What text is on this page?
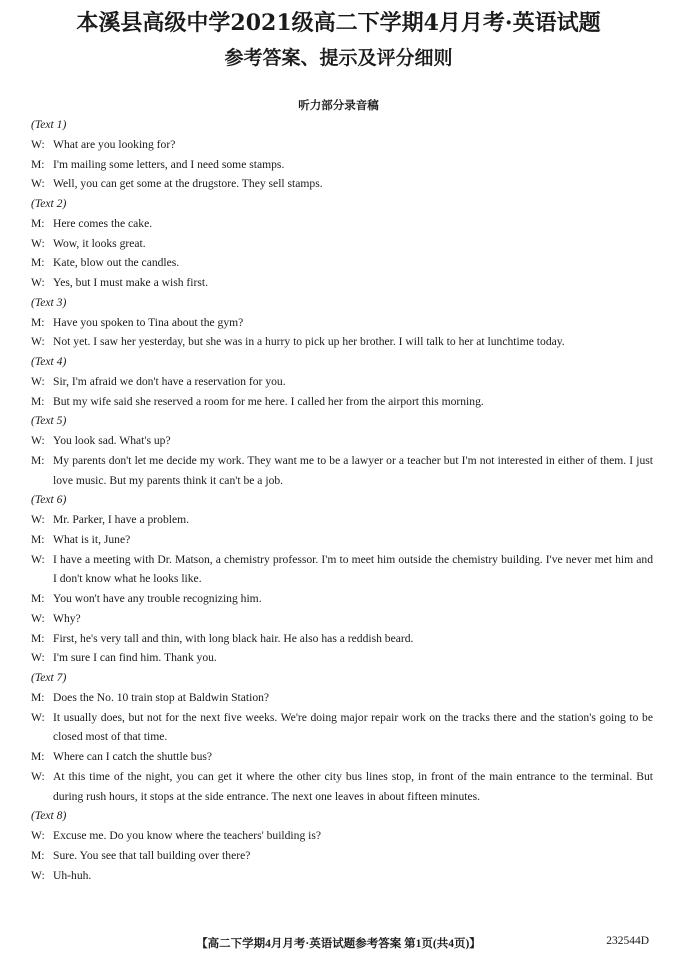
本溪县高级中学2021级高二下学期4月月考·英语试题
参考答案、提示及评分细则
听力部分录音稿
(Text 1)
W: What are you looking for?
M: I'm mailing some letters, and I need some stamps.
W: Well, you can get some at the drugstore. They sell stamps.
(Text 2)
M: Here comes the cake.
W: Wow, it looks great.
M: Kate, blow out the candles.
W: Yes, but I must make a wish first.
(Text 3)
M: Have you spoken to Tina about the gym?
W: Not yet. I saw her yesterday, but she was in a hurry to pick up her brother. I will talk to her at lunchtime today.
(Text 4)
W: Sir, I'm afraid we don't have a reservation for you.
M: But my wife said she reserved a room for me here. I called her from the airport this morning.
(Text 5)
W: You look sad. What's up?
M: My parents don't let me decide my work. They want me to be a lawyer or a teacher but I'm not interested in either of them. I just love music. But my parents think it can't be a job.
(Text 6)
W: Mr. Parker, I have a problem.
M: What is it, June?
W: I have a meeting with Dr. Matson, a chemistry professor. I'm to meet him outside the chemistry building. I've never met him and I don't know what he looks like.
M: You won't have any trouble recognizing him.
W: Why?
M: First, he's very tall and thin, with long black hair. He also has a reddish beard.
W: I'm sure I can find him. Thank you.
(Text 7)
M: Does the No. 10 train stop at Baldwin Station?
W: It usually does, but not for the next five weeks. We're doing major repair work on the tracks there and the station's going to be closed most of that time.
M: Where can I catch the shuttle bus?
W: At this time of the night, you can get it where the other city bus lines stop, in front of the main entrance to the terminal. But during rush hours, it stops at the side entrance. The next one leaves in about fifteen minutes.
(Text 8)
W: Excuse me. Do you know where the teachers' building is?
M: Sure. You see that tall building over there?
W: Uh-huh.
【高二下学期4月月考·英语试题参考答案 第1页(共4页)】	232544D
